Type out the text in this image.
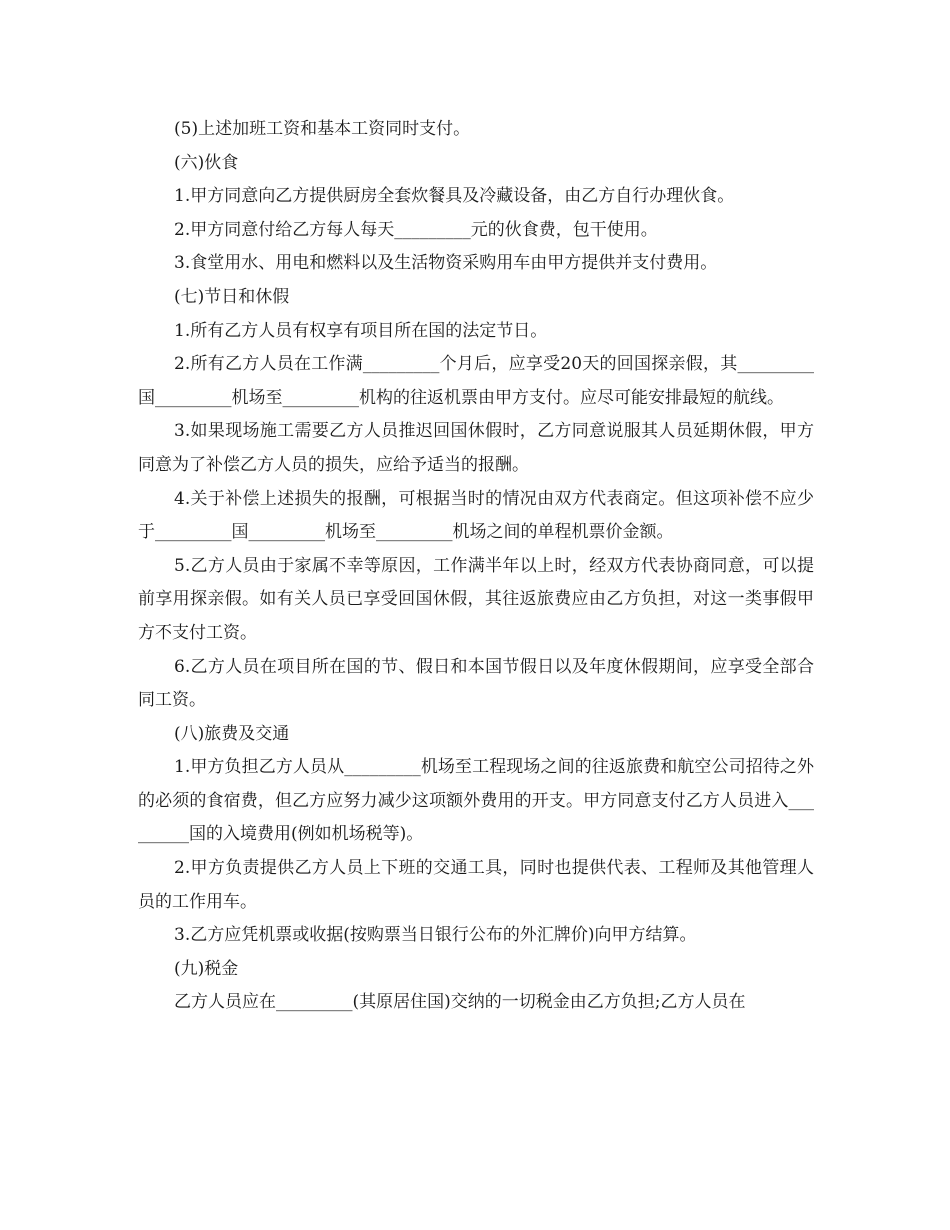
(5)上述加班工资和基本工资同时支付。

(六)伙食

1.甲方同意向乙方提供厨房全套炊餐具及冷藏设备，由乙方自行办理伙食。

2.甲方同意付给乙方每人每天_________元的伙食费，包干使用。

3.食堂用水、用电和燃料以及生活物资采购用车由甲方提供并支付费用。

(七)节日和休假

1.所有乙方人员有权享有项目所在国的法定节日。

2.所有乙方人员在工作满_________个月后，应享受20天的回国探亲假，其_________国_________机场至_________机构的往返机票由甲方支付。应尽可能安排最短的航线。

3.如果现场施工需要乙方人员推迟回国休假时，乙方同意说服其人员延期休假，甲方同意为了补偿乙方人员的损失，应给予适当的报酬。

4.关于补偿上述损失的报酬，可根据当时的情况由双方代表商定。但这项补偿不应少于_________国_________机场至_________机场之间的单程机票价金额。

5.乙方人员由于家属不幸等原因，工作满半年以上时，经双方代表协商同意，可以提前享用探亲假。如有关人员已享受回国休假，其往返旅费应由乙方负担，对这一类事假甲方不支付工资。

6.乙方人员在项目所在国的节、假日和本国节假日以及年度休假期间，应享受全部合同工资。

(八)旅费及交通

1.甲方负担乙方人员从_________机场至工程现场之间的往返旅费和航空公司招待之外的必须的食宿费，但乙方应努力减少这项额外费用的开支。甲方同意支付乙方人员进入_________国的入境费用(例如机场税等)。

2.甲方负责提供乙方人员上下班的交通工具，同时也提供代表、工程师及其他管理人员的工作用车。

3.乙方应凭机票或收据(按购票当日银行公布的外汇牌价)向甲方结算。

(九)税金

乙方人员应在_________(其原居住国)交纳的一切税金由乙方负担;乙方人员在
